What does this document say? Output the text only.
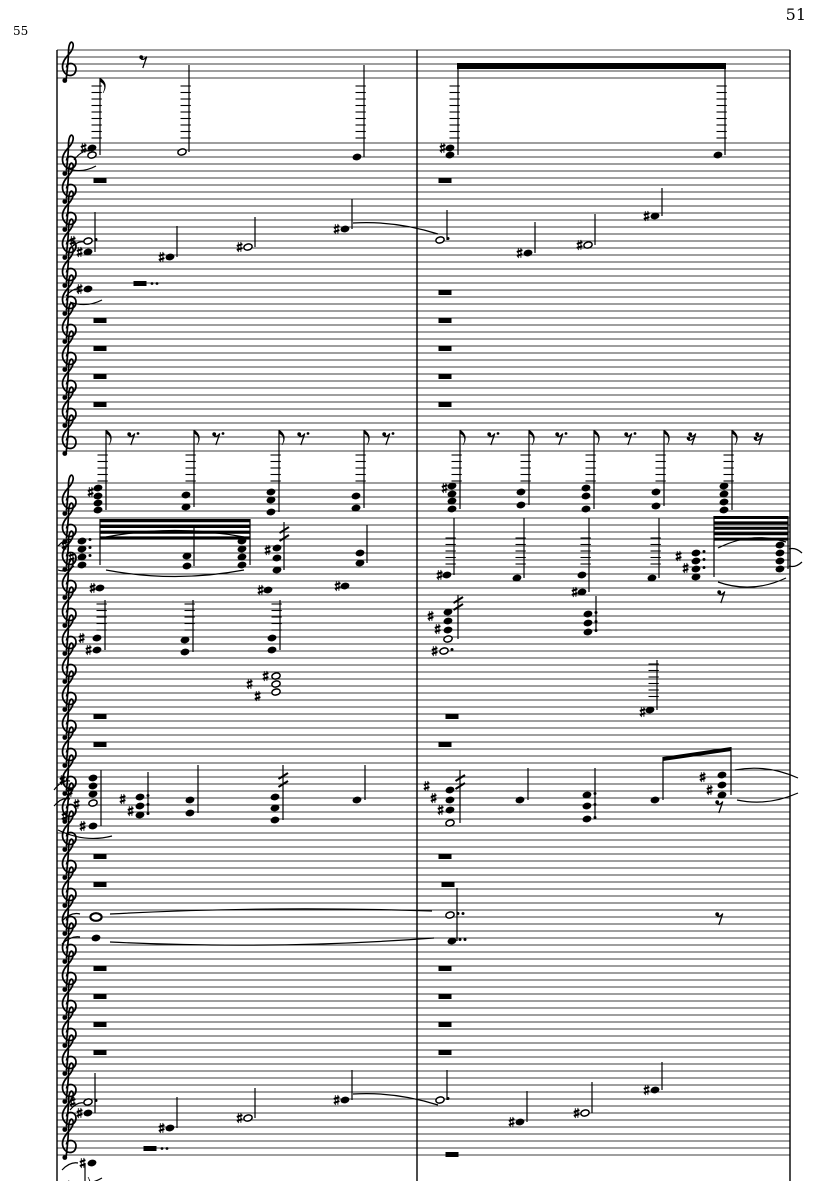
51
55
